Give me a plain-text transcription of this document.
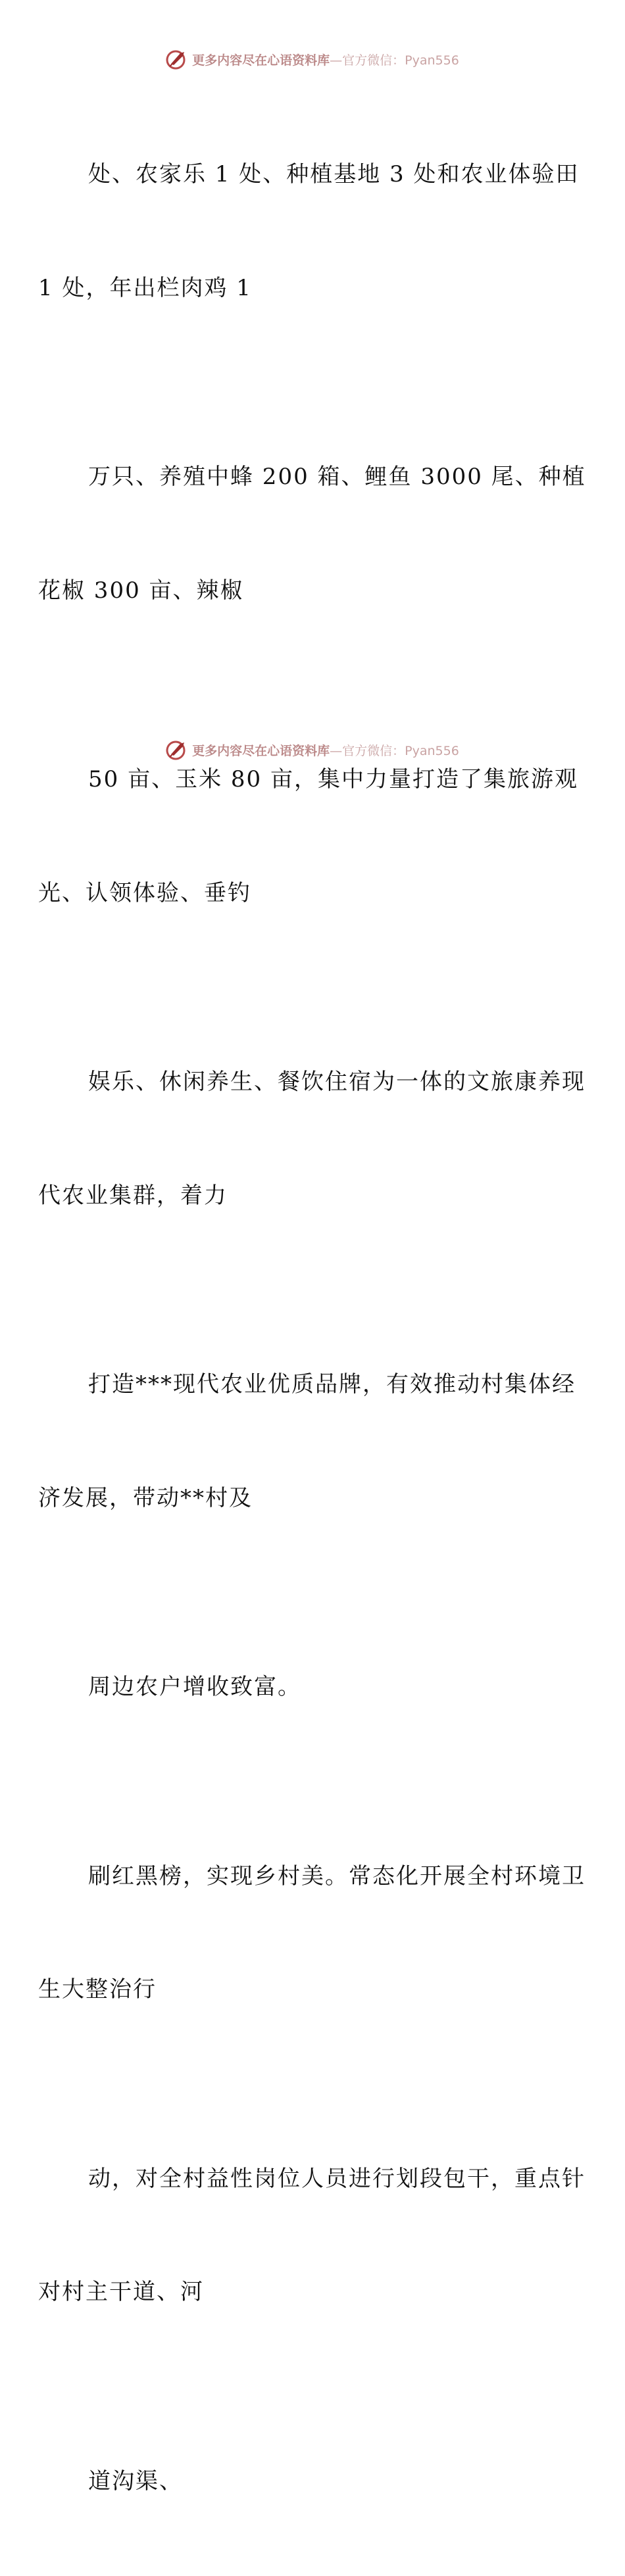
更多内容尽在心语资料库—官方微信：Pyan556

处、农家乐 1 处、种植基地 3 处和农业体验田

1 处，年出栏肉鸡 1

万只、养殖中蜂 200 箱、鲤鱼 3000 尾、种植

花椒 300 亩、辣椒

50 亩、玉米 80 亩，集中力量打造了集旅游观

光、认领体验、垂钓

娱乐、休闲养生、餐饮住宿为一体的文旅康养现

代农业集群，着力

打造***现代农业优质品牌，有效推动村集体经

济发展，带动**村及

周边农户增收致富。

刷红黑榜，实现乡村美。常态化开展全村环境卫

生大整治行

动，对全村益性岗位人员进行划段包干，重点针

对村主干道、河

道沟渠、

更多内容尽在心语资料库—官方微信：Pyan556
